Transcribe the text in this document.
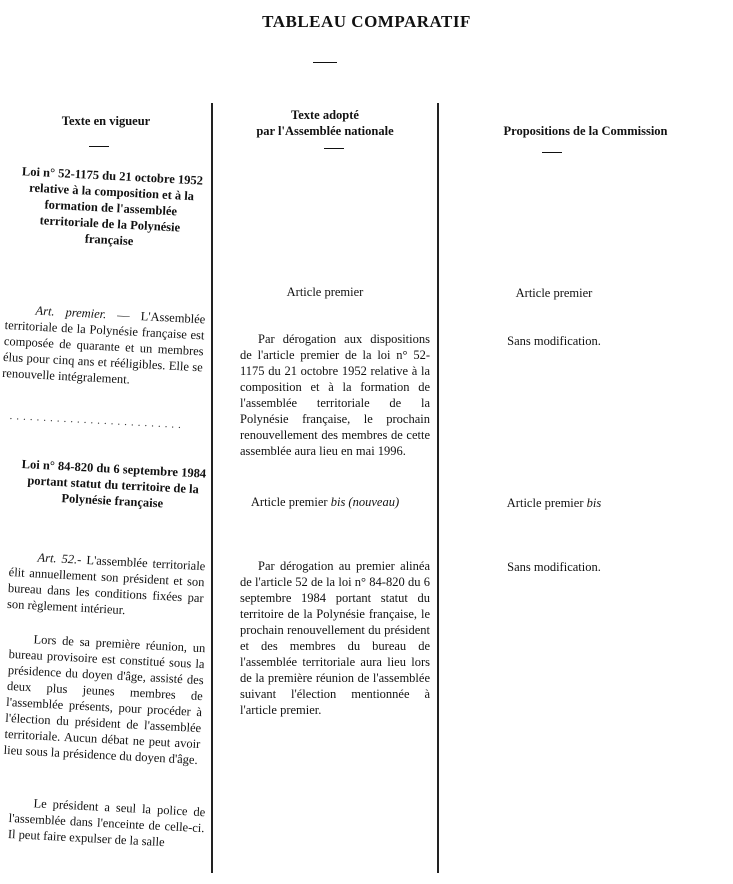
TABLEAU COMPARATIF
Texte en vigueur	Texte adopté
par l'Assemblée nationale	Propositions de la Commission
Loi n° 52-1175 du 21 octobre 1952 relative à la composition et à la formation de l'assemblée territoriale de la Polynésie française
Art. premier. — L'Assemblée territoriale de la Polynésie française est composée de quarante et un membres élus pour cinq ans et rééligibles. Elle se renouvelle intégralement.
..........................
Loi n° 84-820 du 6 septembre 1984 portant statut du territoire de la Polynésie française
Art. 52.- L'assemblée territoriale élit annuellement son président et son bureau dans les conditions fixées par son règlement intérieur.
Lors de sa première réunion, un bureau provisoire est constitué sous la présidence du doyen d'âge, assisté des deux plus jeunes membres de l'assemblée présents, pour procéder à l'élection du président de l'assemblée territoriale. Aucun débat ne peut avoir lieu sous la présidence du doyen d'âge.
Le président a seul la police de l'assemblée dans l'enceinte de celle-ci. Il peut faire expulser de la salle
Article premier
Par dérogation aux dispositions de l'article premier de la loi n° 52-1175 du 21 octobre 1952 relative à la composition et à la formation de l'assemblée territoriale de la Polynésie française, le prochain renouvellement des membres de cette assemblée aura lieu en mai 1996.
Article premier bis (nouveau)
Par dérogation au premier alinéa de l'article 52 de la loi n° 84-820 du 6 septembre 1984 portant statut du territoire de la Polynésie française, le prochain renouvellement du président et des membres du bureau de l'assemblée territoriale aura lieu lors de la première réunion de l'assemblée suivant l'élection mentionnée à l'article premier.
Article premier
Sans modification.
Article premier bis
Sans modification.
